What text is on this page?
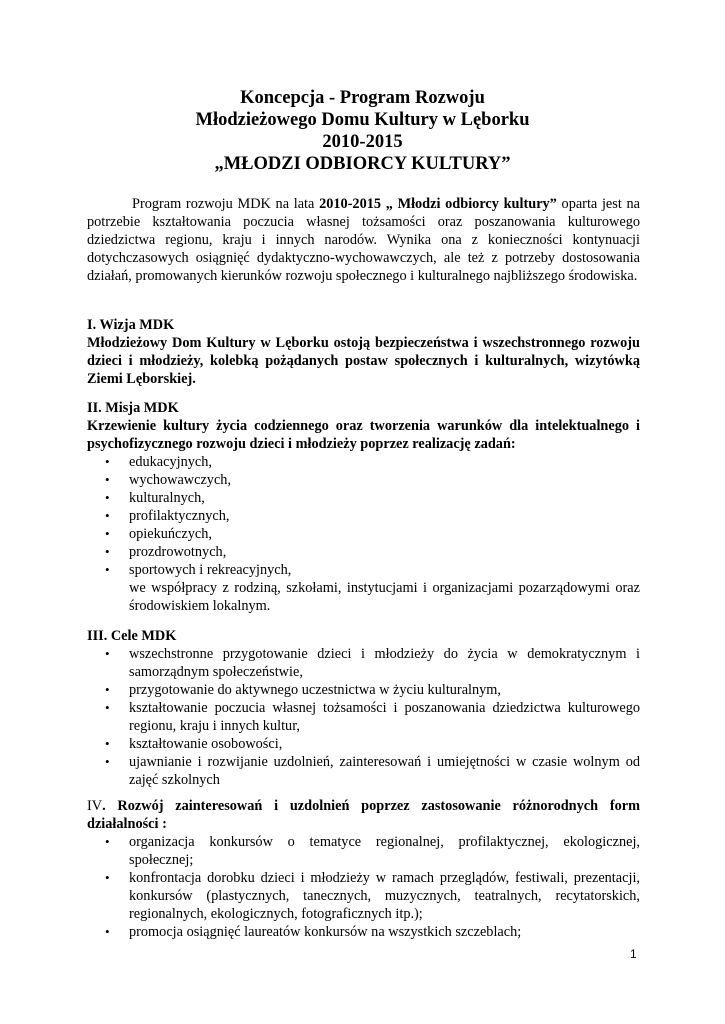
Koncepcja - Program Rozwoju
Młodzieżowego Domu Kultury w Lęborku
2010-2015
„MŁODZI ODBIORCY KULTURY”
Program rozwoju MDK na lata 2010-2015 „ Młodzi odbiorcy kultury” oparta jest na potrzebie kształtowania poczucia własnej tożsamości oraz poszanowania kulturowego dziedzictwa regionu, kraju i innych narodów. Wynika ona z konieczności kontynuacji dotychczasowych osiągnięć dydaktyczno-wychowawczych, ale też z potrzeby dostosowania działań, promowanych kierunków rozwoju społecznego i kulturalnego najbliższego środowiska.
I. Wizja MDK
Młodzieżowy Dom Kultury w Lęborku ostoją bezpieczeństwa i wszechstronnego rozwoju dzieci i młodzieży, kolebką pożądanych postaw społecznych i kulturalnych, wizytówką Ziemi Lęborskiej.
II. Misja MDK
Krzewienie kultury życia codziennego oraz tworzenia warunków dla intelektualnego i psychofizycznego rozwoju dzieci i młodzieży poprzez realizację zadań:
• edukacyjnych,
• wychowawczych,
• kulturalnych,
• profilaktycznych,
• opiekuńczych,
• prozdrowotnych,
• sportowych i rekreacyjnych,
we współpracy z rodziną, szkołami, instytucjami i organizacjami pozarządowymi oraz środowiskiem lokalnym.
III. Cele MDK
• wszechstronne przygotowanie dzieci i młodzieży do życia w demokratycznym i samorządnym społeczeństwie,
• przygotowanie do aktywnego uczestnictwa w życiu kulturalnym,
• kształtowanie poczucia własnej tożsamości i poszanowania dziedzictwa kulturowego regionu, kraju i innych kultur,
• kształtowanie osobowości,
• ujawnianie i rozwijanie uzdolnień, zainteresowań i umiejętności w czasie wolnym od zajęć szkolnych
IV. Rozwój zainteresowań i uzdolnień poprzez zastosowanie różnorodnych form działalności :
• organizacja konkursów o tematyce regionalnej, profilaktycznej, ekologicznej, społecznej;
• konfrontacja dorobku dzieci i młodzieży w ramach przeglądów, festiwali, prezentacji, konkursów (plastycznych, tanecznych, muzycznych, teatralnych, recytatorskich, regionalnych, ekologicznych, fotograficznych itp.);
• promocja osiągnięć laureatów konkursów na wszystkich szczeblach;
1
